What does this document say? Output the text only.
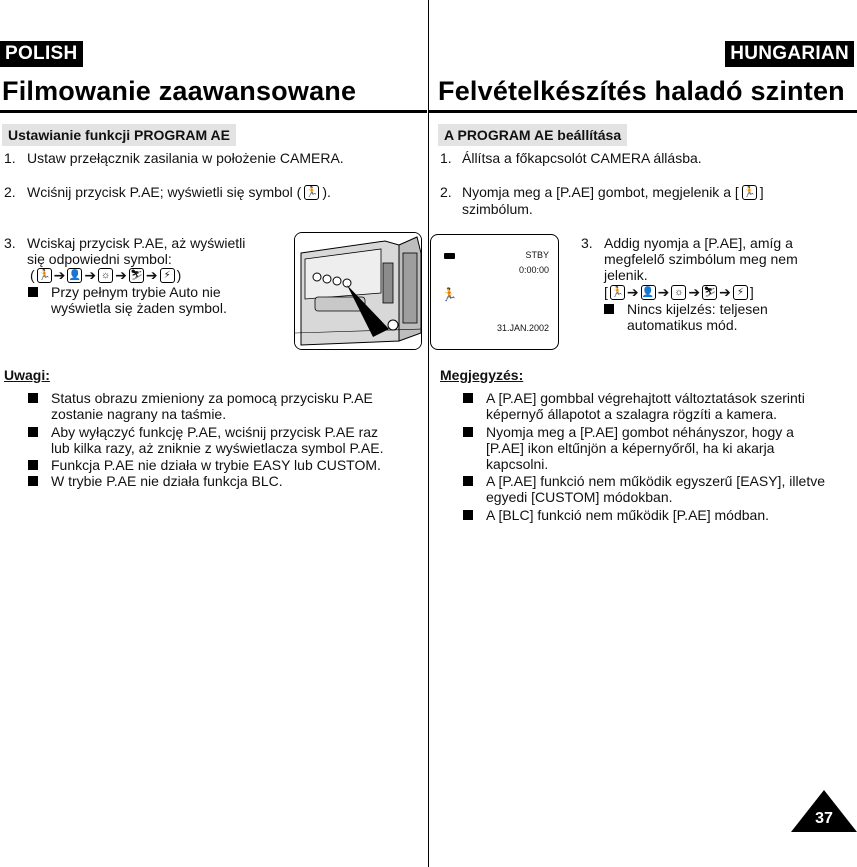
POLISH
Filmowanie zaawansowane
HUNGARIAN
Felvételkészítés haladó szinten
Ustawianie funkcji PROGRAM AE	A PROGRAM AE beállítása
1. Ustaw przełącznik zasilania w położenie CAMERA.
2. Wciśnij przycisk P.AE; wyświetli się symbol ( 🏃 ).
3. Wciskaj przycisk P.AE, aż wyświetli
się odpowiedni symbol:
( 🏃 ➔ 👤 ➔ ☼ ➔ ⛷ ➔ ⚡ )
Przy pełnym trybie Auto nie
wyświetla się żaden symbol.
STBY
0:00:00
🏃
31.JAN.2002
1. Állítsa a főkapcsolót CAMERA állásba.
2. Nyomja meg a [P.AE] gombot, megjelenik a [ 🏃 ]
szimbólum.
3. Addig nyomja a [P.AE], amíg a
megfelelő szimbólum meg nem
jelenik.
[ 🏃 ➔ 👤 ➔ ☼ ➔ ⛷ ➔ ⚡ ]
Nincs kijelzés: teljesen
automatikus mód.
Uwagi:
Status obrazu zmieniony za pomocą przycisku P.AE
zostanie nagrany na taśmie.
Aby wyłączyć funkcję P.AE, wciśnij przycisk P.AE raz
lub kilka razy, aż zniknie z wyświetlacza symbol P.AE.
Funkcja P.AE nie działa w trybie EASY lub CUSTOM.
W trybie P.AE nie działa funkcja BLC.
Megjegyzés:
A [P.AE] gombbal végrehajtott változtatások szerinti
képernyő állapotot a szalagra rögzíti a kamera.
Nyomja meg a [P.AE] gombot néhányszor, hogy a
[P.AE] ikon eltűnjön a képernyőről, ha ki akarja
kapcsolni.
A [P.AE] funkció nem működik egyszerű [EASY], illetve
egyedi [CUSTOM] módokban.
A [BLC] funkció nem működik [P.AE] módban.
37
